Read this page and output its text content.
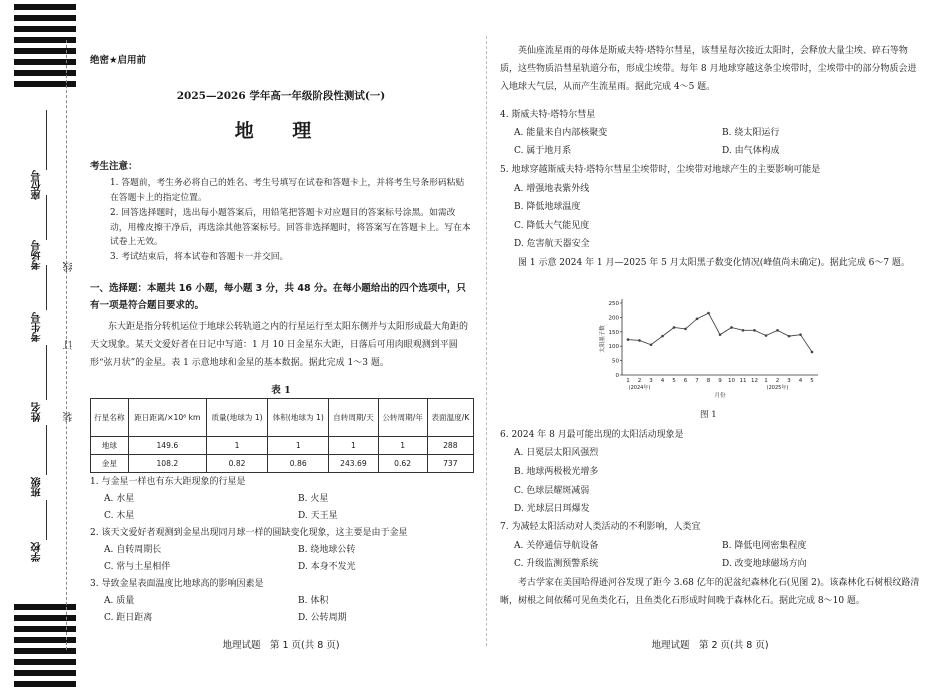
座位号
考场号
考生号
姓名
班级
学校
线
订
装
绝密★启用前
2025—2026 学年高一年级阶段性测试(一)
地 理
考生注意：
1. 答题前，考生务必将自己的姓名、考生号填写在试卷和答题卡上，并将考生号条形码粘贴在答题卡上的指定位置。
2. 回答选择题时，选出每小题答案后，用铅笔把答题卡对应题目的答案标号涂黑。如需改动，用橡皮擦干净后，再选涂其他答案标号。回答非选择题时，将答案写在答题卡上。写在本试卷上无效。
3. 考试结束后，将本试卷和答题卡一并交回。
一、选择题：本题共 16 小题，每小题 3 分，共 48 分。在每小题给出的四个选项中，只有一项是符合题目要求的。
东大距是指分转机运位于地球公转轨道之内的行星运行至太阳东侧并与太阳形成最大角距的天文现象。某天文爱好者在日记中写道：1 月 10 日金星东大距，日落后可用肉眼观测到平圆形“弦月状”的金星。表 1 示意地球和金星的基本数据。据此完成 1～3 题。
表 1
行星名称	距日距离/×10⁸ km	质量(地球为 1)	体积(地球为 1)	自转周期/天	公转周期/年	表面温度/K
地球	149.6	1	1	1	1	288
金星	108.2	0.82	0.86	243.69	0.62	737
1. 与金星一样也有东大距现象的行星是
A. 水星	B. 火星
C. 木星	D. 天王星
2. 该天文爱好者观测到金星出现同月球一样的圆缺变化现象，这主要是由于金星
A. 自转周期长	B. 绕地球公转
C. 常与土星相伴	D. 本身不发光
3. 导致金星表面温度比地球高的影响因素是
A. 质量	B. 体积
C. 距日距离	D. 公转周期
地理试题　第 1 页(共 8 页)
英仙座流星雨的母体是斯威夫特·塔特尔彗星，该彗星每次接近太阳时，会释放大量尘埃、碎石等物质，这些物质沿彗星轨道分布，形成尘埃带。每年 8 月地球穿越这条尘埃带时，尘埃带中的部分物质会进入地球大气层，从而产生流星雨。据此完成 4～5 题。
4. 斯威夫特·塔特尔彗星
A. 能量来自内部核聚变	B. 绕太阳运行
C. 属于地月系	D. 由气体构成
5. 地球穿越斯威夫特·塔特尔彗星尘埃带时，尘埃带对地球产生的主要影响可能是
A. 增强地表紫外线
B. 降低地球温度
C. 降低大气能见度
D. 危害航天器安全
图 1 示意 2024 年 1 月—2025 年 5 月太阳黑子数变化情况(峰值尚未确定)。据此完成 6～7 题。
图 1
6. 2024 年 8 月最可能出现的太阳活动现象是
A. 日冕层太阳风强烈
B. 地球两极极光增多
C. 色球层耀斑减弱
D. 光球层日珥爆发
7. 为减轻太阳活动对人类活动的不利影响，人类宜
A. 关停通信导航设备	B. 降低电网密集程度
C. 升级监测预警系统	D. 改变地球磁场方向
考古学家在美国哈得逊河谷发现了距今 3.68 亿年的泥盆纪森林化石(见图 2)。该森林化石树根纹路清晰，树根之间依稀可见鱼类化石，且鱼类化石形成时间晚于森林化石。据此完成 8～10 题。
地理试题　第 2 页(共 8 页)
0
50
100
150
200
250
太阳黑子数
1 2 3 4 5 6 7 8 9 10 11 12 1 2 3 4 5
(2024年)	(2025年)
月份
